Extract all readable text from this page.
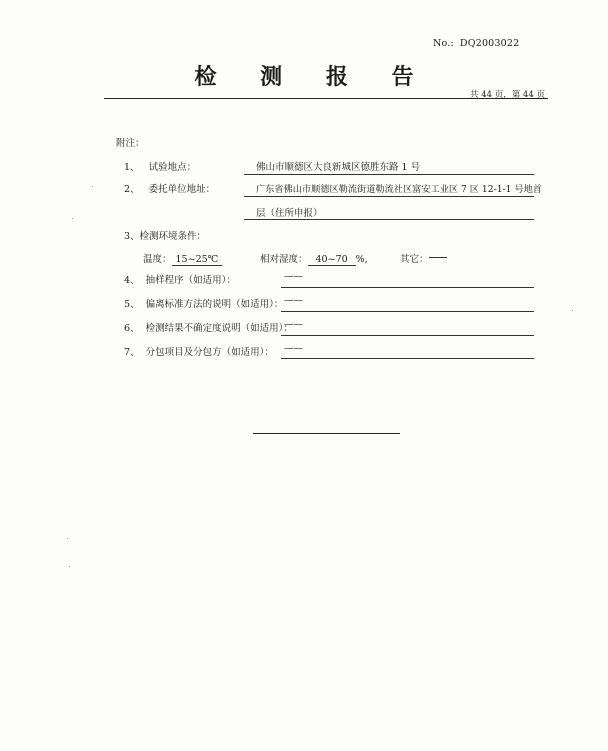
No.: DQ2003022
检 测 报 告
共 44 页，第 44 页
附注：
1、 试验地点：	佛山市顺德区大良新城区德胜东路 1 号
2、 委托单位地址：	广东省佛山市顺德区勒流街道勒流社区富安工业区 7 区 12-1-1 号地首
层（住所申报）
3、检测环境条件：
温度： 15~25℃	相对湿度： 40~70 %,	其它：
4、 抽样程序（如适用）：	——
5、 偏离标准方法的说明（如适用）： ——
6、 检测结果不确定度说明（如适用）：
——
7、 分包项目及分包方（如适用）： ——
